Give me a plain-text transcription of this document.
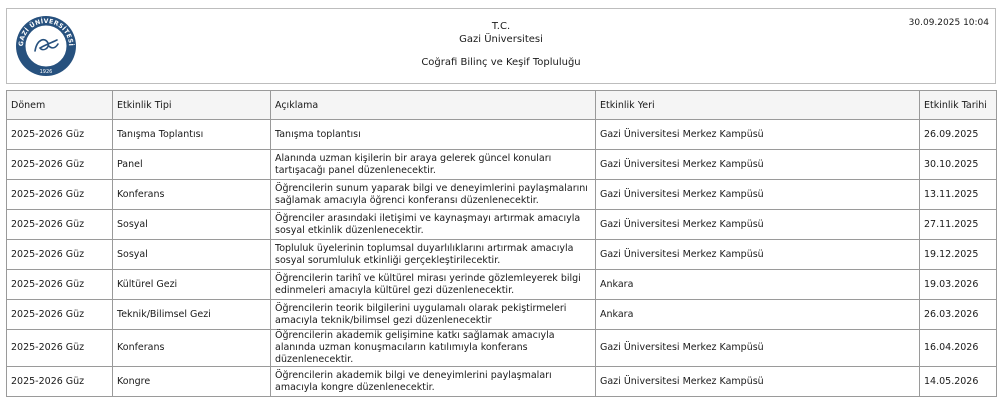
GAZİ ÜNİVERSİTESİ
1926
T.C.
Gazi Üniversitesi
Coğrafi Bilinç ve Keşif Topluluğu
30.09.2025 10:04
Dönem	Etkinlik Tipi	Açıklama	Etkinlik Yeri	Etkinlik Tarihi
2025-2026 Güz	Tanışma Toplantısı	Tanışma toplantısı	Gazi Üniversitesi Merkez Kampüsü	26.09.2025
2025-2026 Güz	Panel	Alanında uzman kişilerin bir araya gelerek güncel konuları tartışacağı panel düzenlenecektir.	Gazi Üniversitesi Merkez Kampüsü	30.10.2025
2025-2026 Güz	Konferans	Öğrencilerin sunum yaparak bilgi ve deneyimlerini paylaşmalarını sağlamak amacıyla öğrenci konferansı düzenlenecektir.	Gazi Üniversitesi Merkez Kampüsü	13.11.2025
2025-2026 Güz	Sosyal	Öğrenciler arasındaki iletişimi ve kaynaşmayı artırmak amacıyla sosyal etkinlik düzenlenecektir.	Gazi Üniversitesi Merkez Kampüsü	27.11.2025
2025-2026 Güz	Sosyal	Topluluk üyelerinin toplumsal duyarlılıklarını artırmak amacıyla sosyal sorumluluk etkinliği gerçekleştirilecektir.	Gazi Üniversitesi Merkez Kampüsü	19.12.2025
2025-2026 Güz	Kültürel Gezi	Öğrencilerin tarihî ve kültürel mirası yerinde gözlemleyerek bilgi edinmeleri amacıyla kültürel gezi düzenlenecektir.	Ankara	19.03.2026
2025-2026 Güz	Teknik/Bilimsel Gezi	Öğrencilerin teorik bilgilerini uygulamalı olarak pekiştirmeleri amacıyla teknik/bilimsel gezi düzenlenecektir	Ankara	26.03.2026
2025-2026 Güz	Konferans	Öğrencilerin akademik gelişimine katkı sağlamak amacıyla alanında uzman konuşmacıların katılımıyla konferans düzenlenecektir.	Gazi Üniversitesi Merkez Kampüsü	16.04.2026
2025-2026 Güz	Kongre	Öğrencilerin akademik bilgi ve deneyimlerini paylaşmaları amacıyla kongre düzenlenecektir.	Gazi Üniversitesi Merkez Kampüsü	14.05.2026
